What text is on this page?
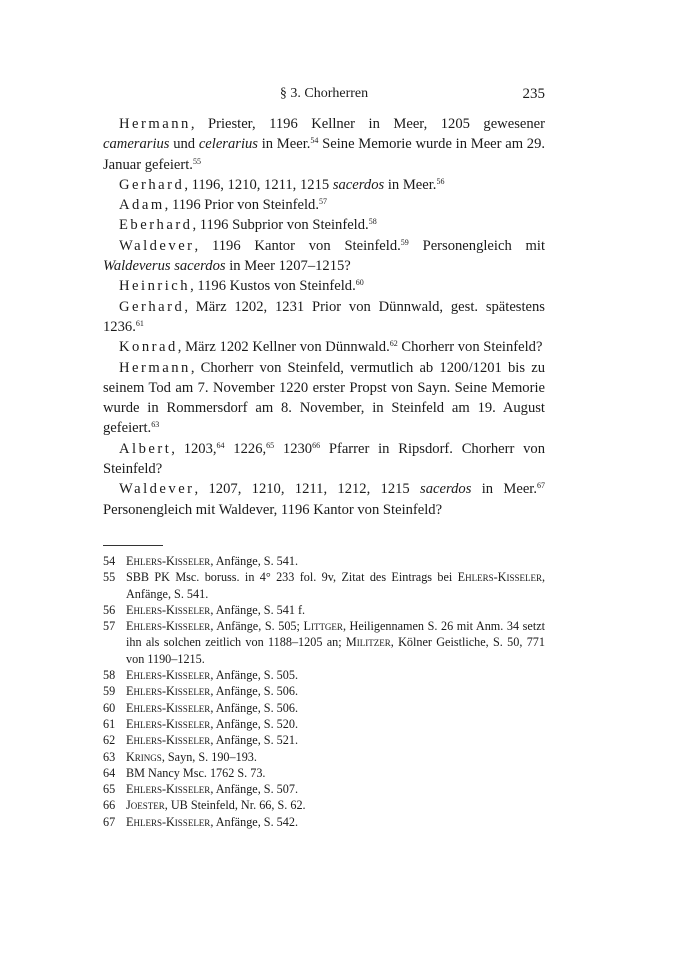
§ 3. Chorherren	235

Hermann, Priester, 1196 Kellner in Meer, 1205 gewesener camerarius und celerarius in Meer.$^{54}$ Seine Memorie wurde in Meer am 29. Januar gefeiert.$^{55}$

Gerhard, 1196, 1210, 1211, 1215 sacerdos in Meer.$^{56}$

Adam, 1196 Prior von Steinfeld.$^{57}$

Eberhard, 1196 Subprior von Steinfeld.$^{58}$

Waldever, 1196 Kantor von Steinfeld.$^{59}$ Personengleich mit Waldeverus sacerdos in Meer 1207–1215?

Heinrich, 1196 Kustos von Steinfeld.$^{60}$

Gerhard, März 1202, 1231 Prior von Dünnwald, gest. spätestens 1236.61

Konrad, März 1202 Kellner von Dünnwald.$^{62}$ Chorherr von Steinfeld?

Hermann, Chorherr von Steinfeld, vermutlich ab 1200/1201 bis zu seinem Tod am 7. November 1220 erster Propst von Sayn. Seine Memorie wurde in Rommersdorf am 8. November, in Steinfeld am 19. August gefeiert.$^{63}$

Albert, 1203,64 1226,65 1230$^{66}$ Pfarrer in Ripsdorf. Chorherr von Steinfeld?

Waldever, 1207, 1210, 1211, 1212, 1215 sacerdos in Meer.$^{67}$ Personengleich mit Waldever, 1196 Kantor von Steinfeld?

54 Ehlers-Kisseler, Anfänge, S. 541.
55 SBB PK Msc. boruss. in 4° 233 fol. 9v, Zitat des Eintrags bei Ehlers-Kisseler, Anfänge, S. 541.
56 Ehlers-Kisseler, Anfänge, S. 541 f.
57 Ehlers-Kisseler, Anfänge, S. 505; Littger, Heiligennamen S. 26 mit Anm. 34 setzt ihn als solchen zeitlich von 1188–1205 an; Militzer, Kölner Geistliche, S. 50, 771 von 1190–1215.
58 Ehlers-Kisseler, Anfänge, S. 505.
59 Ehlers-Kisseler, Anfänge, S. 506.
60 Ehlers-Kisseler, Anfänge, S. 506.
61 Ehlers-Kisseler, Anfänge, S. 520.
62 Ehlers-Kisseler, Anfänge, S. 521.
63 Krings, Sayn, S. 190–193.
64 BM Nancy Msc. 1762 S. 73.
65 Ehlers-Kisseler, Anfänge, S. 507.
66 Joester, UB Steinfeld, Nr. 66, S. 62.
67 Ehlers-Kisseler, Anfänge, S. 542.
